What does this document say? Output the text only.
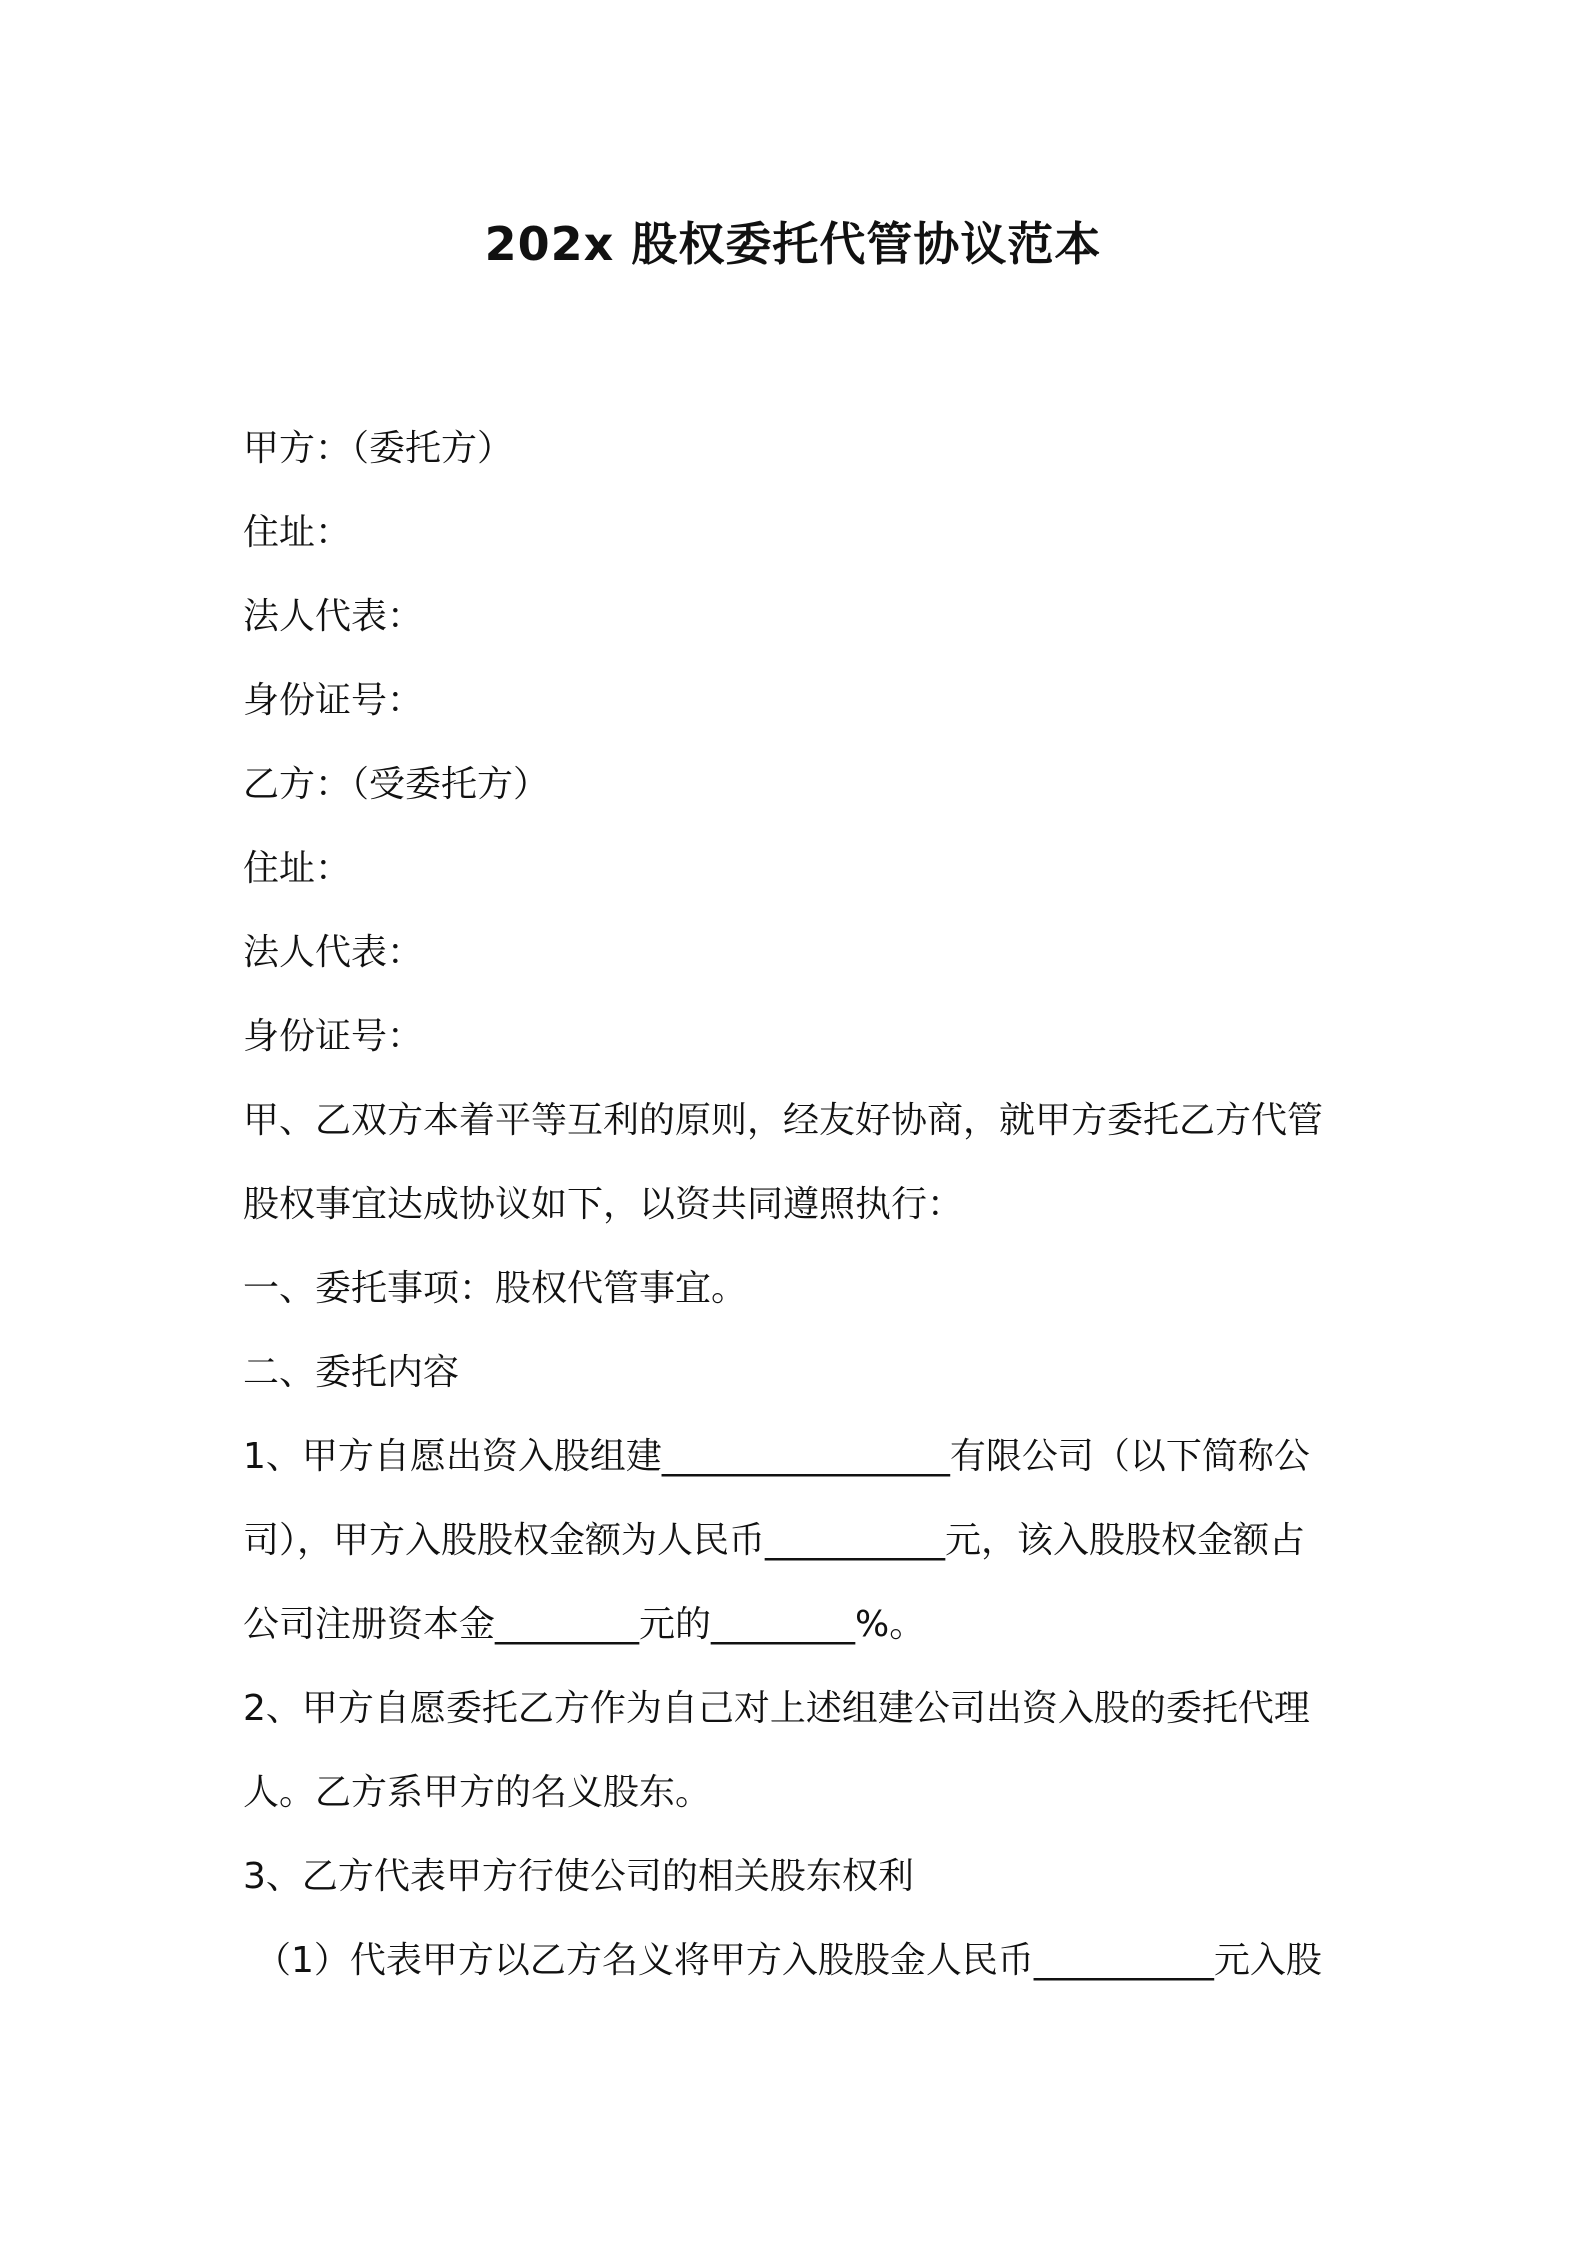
202x 股权委托代管协议范本
甲方：（委托方）
住址：
法人代表：
身份证号：
乙方：（受委托方）
住址：
法人代表：
身份证号：
甲、乙双方本着平等互利的原则，经友好协商，就甲方委托乙方代管
股权事宜达成协议如下，以资共同遵照执行：
一、委托事项：股权代管事宜。
二、委托内容
1、甲方自愿出资入股组建________________有限公司（以下简称公
司），甲方入股股权金额为人民币__________元，该入股股权金额占
公司注册资本金________元的________%。
2、甲方自愿委托乙方作为自己对上述组建公司出资入股的委托代理
人。乙方系甲方的名义股东。
3、乙方代表甲方行使公司的相关股东权利
（1）代表甲方以乙方名义将甲方入股股金人民币__________元入股
